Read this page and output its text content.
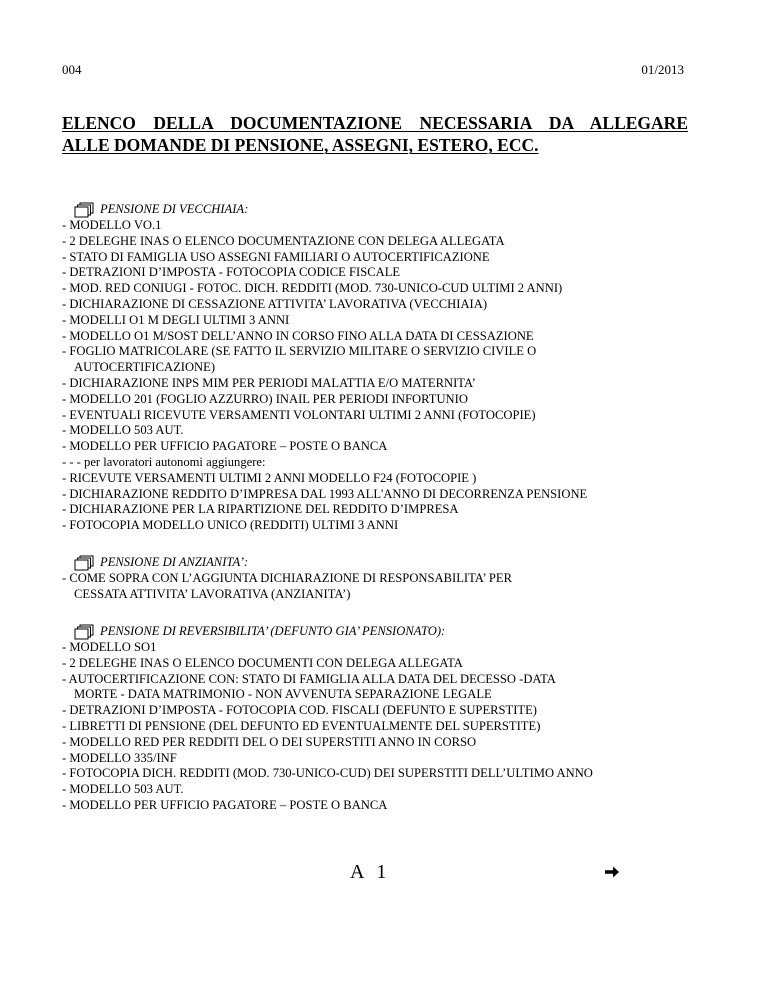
004	01/2013
ELENCO DELLA DOCUMENTAZIONE NECESSARIA DA ALLEGARE
ALLE DOMANDE DI PENSIONE, ASSEGNI, ESTERO, ECC.
PENSIONE DI VECCHIAIA:
- MODELLO VO.1
- 2 DELEGHE INAS O ELENCO DOCUMENTAZIONE CON DELEGA ALLEGATA
- STATO DI FAMIGLIA USO ASSEGNI FAMILIARI O AUTOCERTIFICAZIONE
- DETRAZIONI D’IMPOSTA - FOTOCOPIA CODICE FISCALE
- MOD. RED CONIUGI - FOTOC. DICH. REDDITI (MOD. 730-UNICO-CUD ULTIMI 2 ANNI)
- DICHIARAZIONE DI CESSAZIONE ATTIVITA’ LAVORATIVA (VECCHIAIA)
- MODELLI O1 M DEGLI ULTIMI 3 ANNI
- MODELLO O1 M/SOST DELL’ANNO IN CORSO FINO ALLA DATA DI CESSAZIONE
- FOGLIO MATRICOLARE (SE FATTO IL SERVIZIO MILITARE O SERVIZIO CIVILE O
AUTOCERTIFICAZIONE)
- DICHIARAZIONE INPS MIM PER PERIODI MALATTIA E/O MATERNITA’
- MODELLO 201 (FOGLIO AZZURRO) INAIL PER PERIODI INFORTUNIO
- EVENTUALI RICEVUTE VERSAMENTI VOLONTARI ULTIMI 2 ANNI (FOTOCOPIE)
- MODELLO 503 AUT.
- MODELLO PER UFFICIO PAGATORE – POSTE O BANCA
- - - per lavoratori autonomi aggiungere:
- RICEVUTE VERSAMENTI ULTIMI 2 ANNI MODELLO F24 (FOTOCOPIE )
- DICHIARAZIONE REDDITO D’IMPRESA DAL 1993 ALL'ANNO DI DECORRENZA PENSIONE
- DICHIARAZIONE PER LA RIPARTIZIONE DEL REDDITO D’IMPRESA
- FOTOCOPIA MODELLO UNICO (REDDITI) ULTIMI 3 ANNI
PENSIONE DI ANZIANITA’:
- COME SOPRA CON L’AGGIUNTA DICHIARAZIONE DI RESPONSABILITA’ PER
CESSATA ATTIVITA’ LAVORATIVA (ANZIANITA’)
PENSIONE DI REVERSIBILITA’ (DEFUNTO GIA’ PENSIONATO):
- MODELLO SO1
- 2 DELEGHE INAS O ELENCO DOCUMENTI CON DELEGA ALLEGATA
- AUTOCERTIFICAZIONE CON: STATO DI FAMIGLIA ALLA DATA DEL DECESSO -DATA
MORTE - DATA MATRIMONIO - NON AVVENUTA SEPARAZIONE LEGALE
- DETRAZIONI D’IMPOSTA - FOTOCOPIA COD. FISCALI (DEFUNTO E SUPERSTITE)
- LIBRETTI DI PENSIONE (DEL DEFUNTO ED EVENTUALMENTE DEL SUPERSTITE)
- MODELLO RED PER REDDITI DEL O DEI SUPERSTITI ANNO IN CORSO
- MODELLO 335/INF
- FOTOCOPIA DICH. REDDITI (MOD. 730-UNICO-CUD) DEI SUPERSTITI DELL’ULTIMO ANNO
- MODELLO 503 AUT.
- MODELLO PER UFFICIO PAGATORE – POSTE O BANCA
A 1
